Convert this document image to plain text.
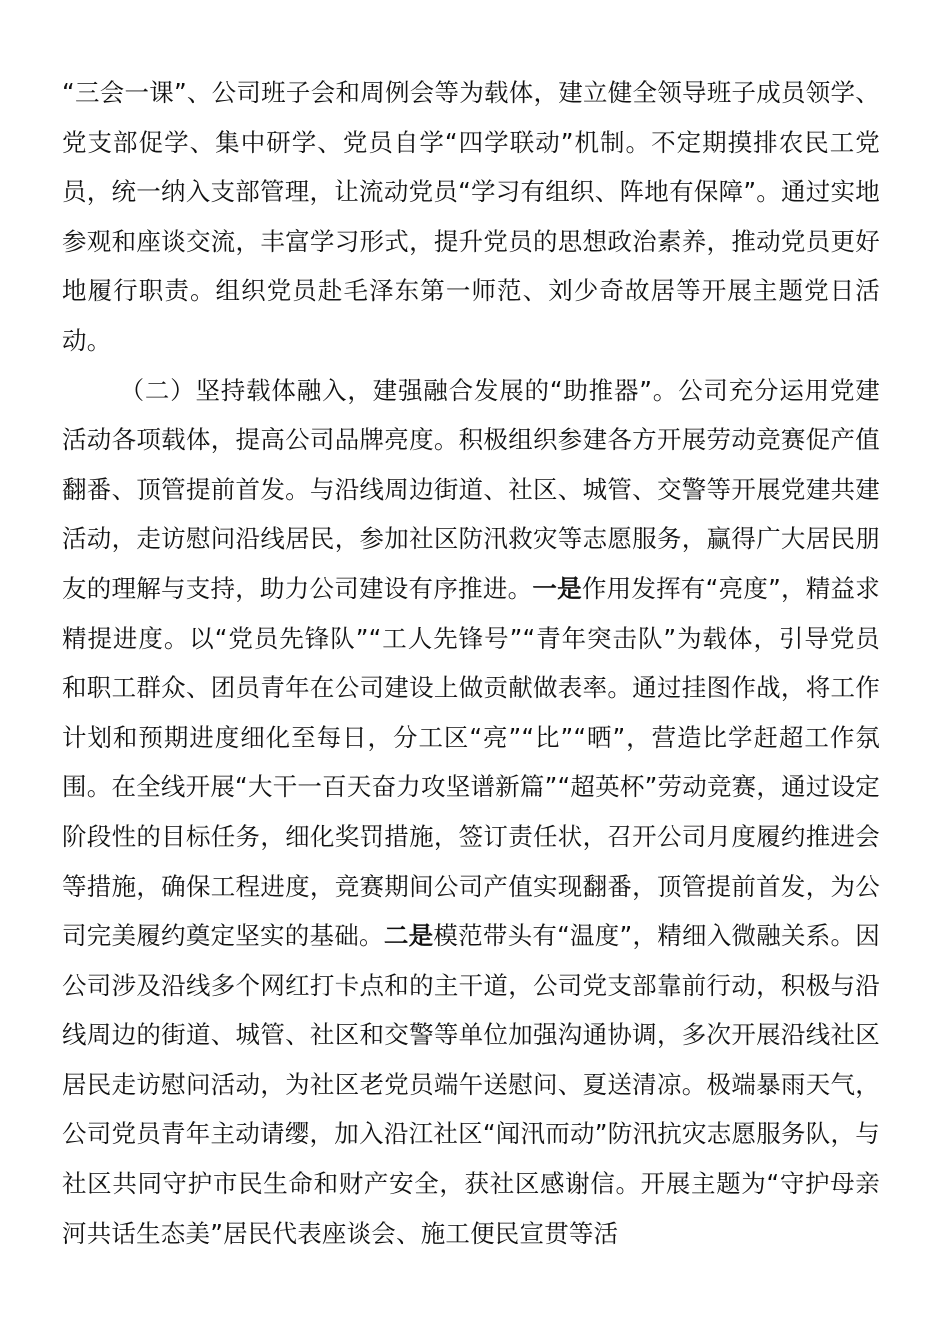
“三会一课”、公司班子会和周例会等为载体，建立健全领导班子成员领学、党支部促学、集中研学、党员自学“四学联动”机制。不定期摸排农民工党员，统一纳入支部管理，让流动党员“学习有组织、阵地有保障”。通过实地参观和座谈交流，丰富学习形式，提升党员的思想政治素养，推动党员更好地履行职责。组织党员赴毛泽东第一师范、刘少奇故居等开展主题党日活动。

（二）坚持载体融入，建强融合发展的“助推器”。公司充分运用党建活动各项载体，提高公司品牌亮度。积极组织参建各方开展劳动竞赛促产值翻番、顶管提前首发。与沿线周边街道、社区、城管、交警等开展党建共建活动，走访慰问沿线居民，参加社区防汛救灾等志愿服务，赢得广大居民朋友的理解与支持，助力公司建设有序推进。一是作用发挥有“亮度”，精益求精提进度。以“党员先锋队”“工人先锋号”“青年突击队”为载体，引导党员和职工群众、团员青年在公司建设上做贡献做表率。通过挂图作战，将工作计划和预期进度细化至每日，分工区“亮”“比”“晒”，营造比学赶超工作氛围。在全线开展“大干一百天奋力攻坚谱新篇”“超英杯”劳动竞赛，通过设定阶段性的目标任务，细化奖罚措施，签订责任状，召开公司月度履约推进会等措施，确保工程进度，竞赛期间公司产值实现翻番，顶管提前首发，为公司完美履约奠定坚实的基础。二是模范带头有“温度”，精细入微融关系。因公司涉及沿线多个网红打卡点和的主干道，公司党支部靠前行动，积极与沿线周边的街道、城管、社区和交警等单位加强沟通协调，多次开展沿线社区居民走访慰问活动，为社区老党员端午送慰问、夏送清凉。极端暴雨天气，公司党员青年主动请缨，加入沿江社区“闻汛而动”防汛抗灾志愿服务队，与社区共同守护市民生命和财产安全，获社区感谢信。开展主题为“守护母亲河共话生态美”居民代表座谈会、施工便民宣贯等活
